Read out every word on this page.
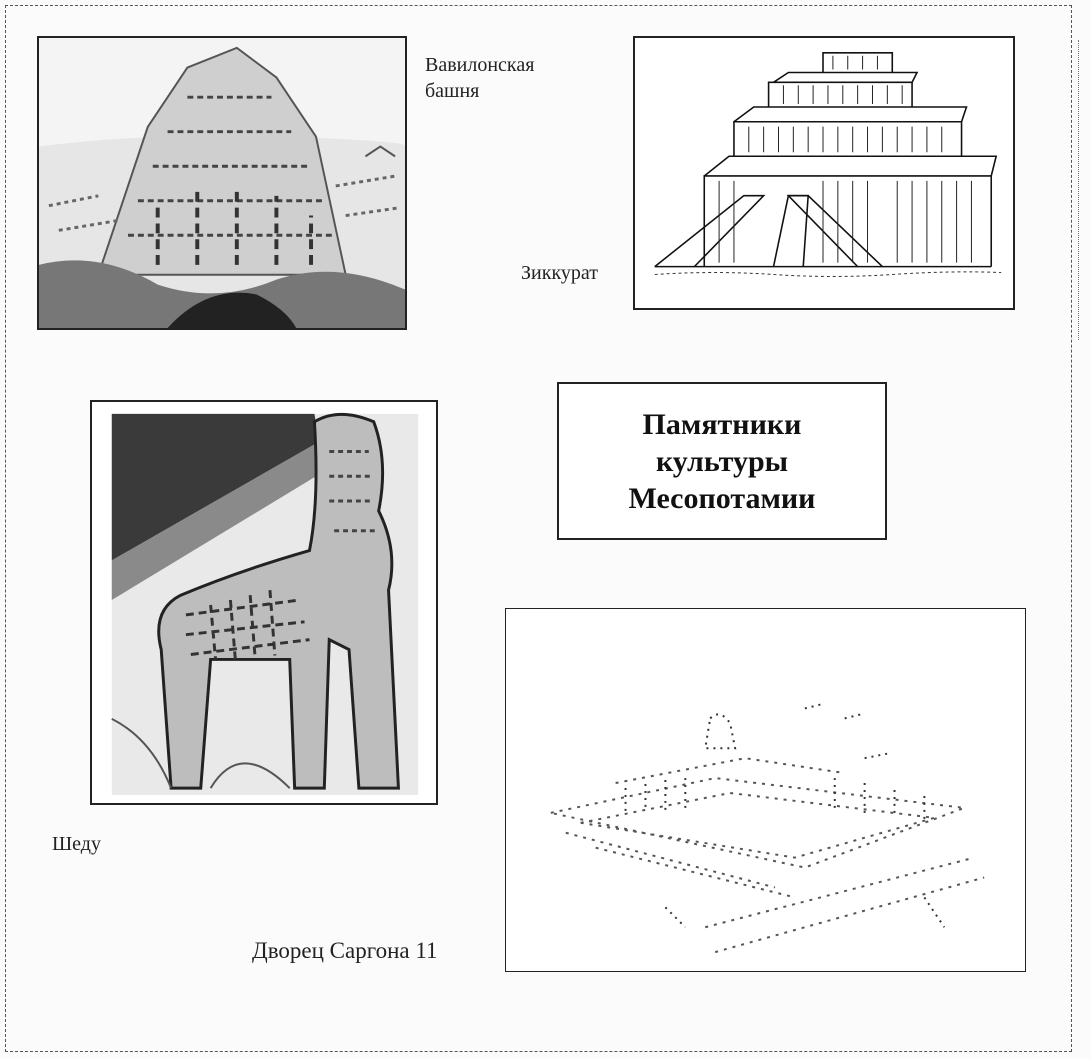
Вавилонская
башня
Зиккурат
Шеду
Памятники
культуры
Месопотамии
Дворец Саргона 11
